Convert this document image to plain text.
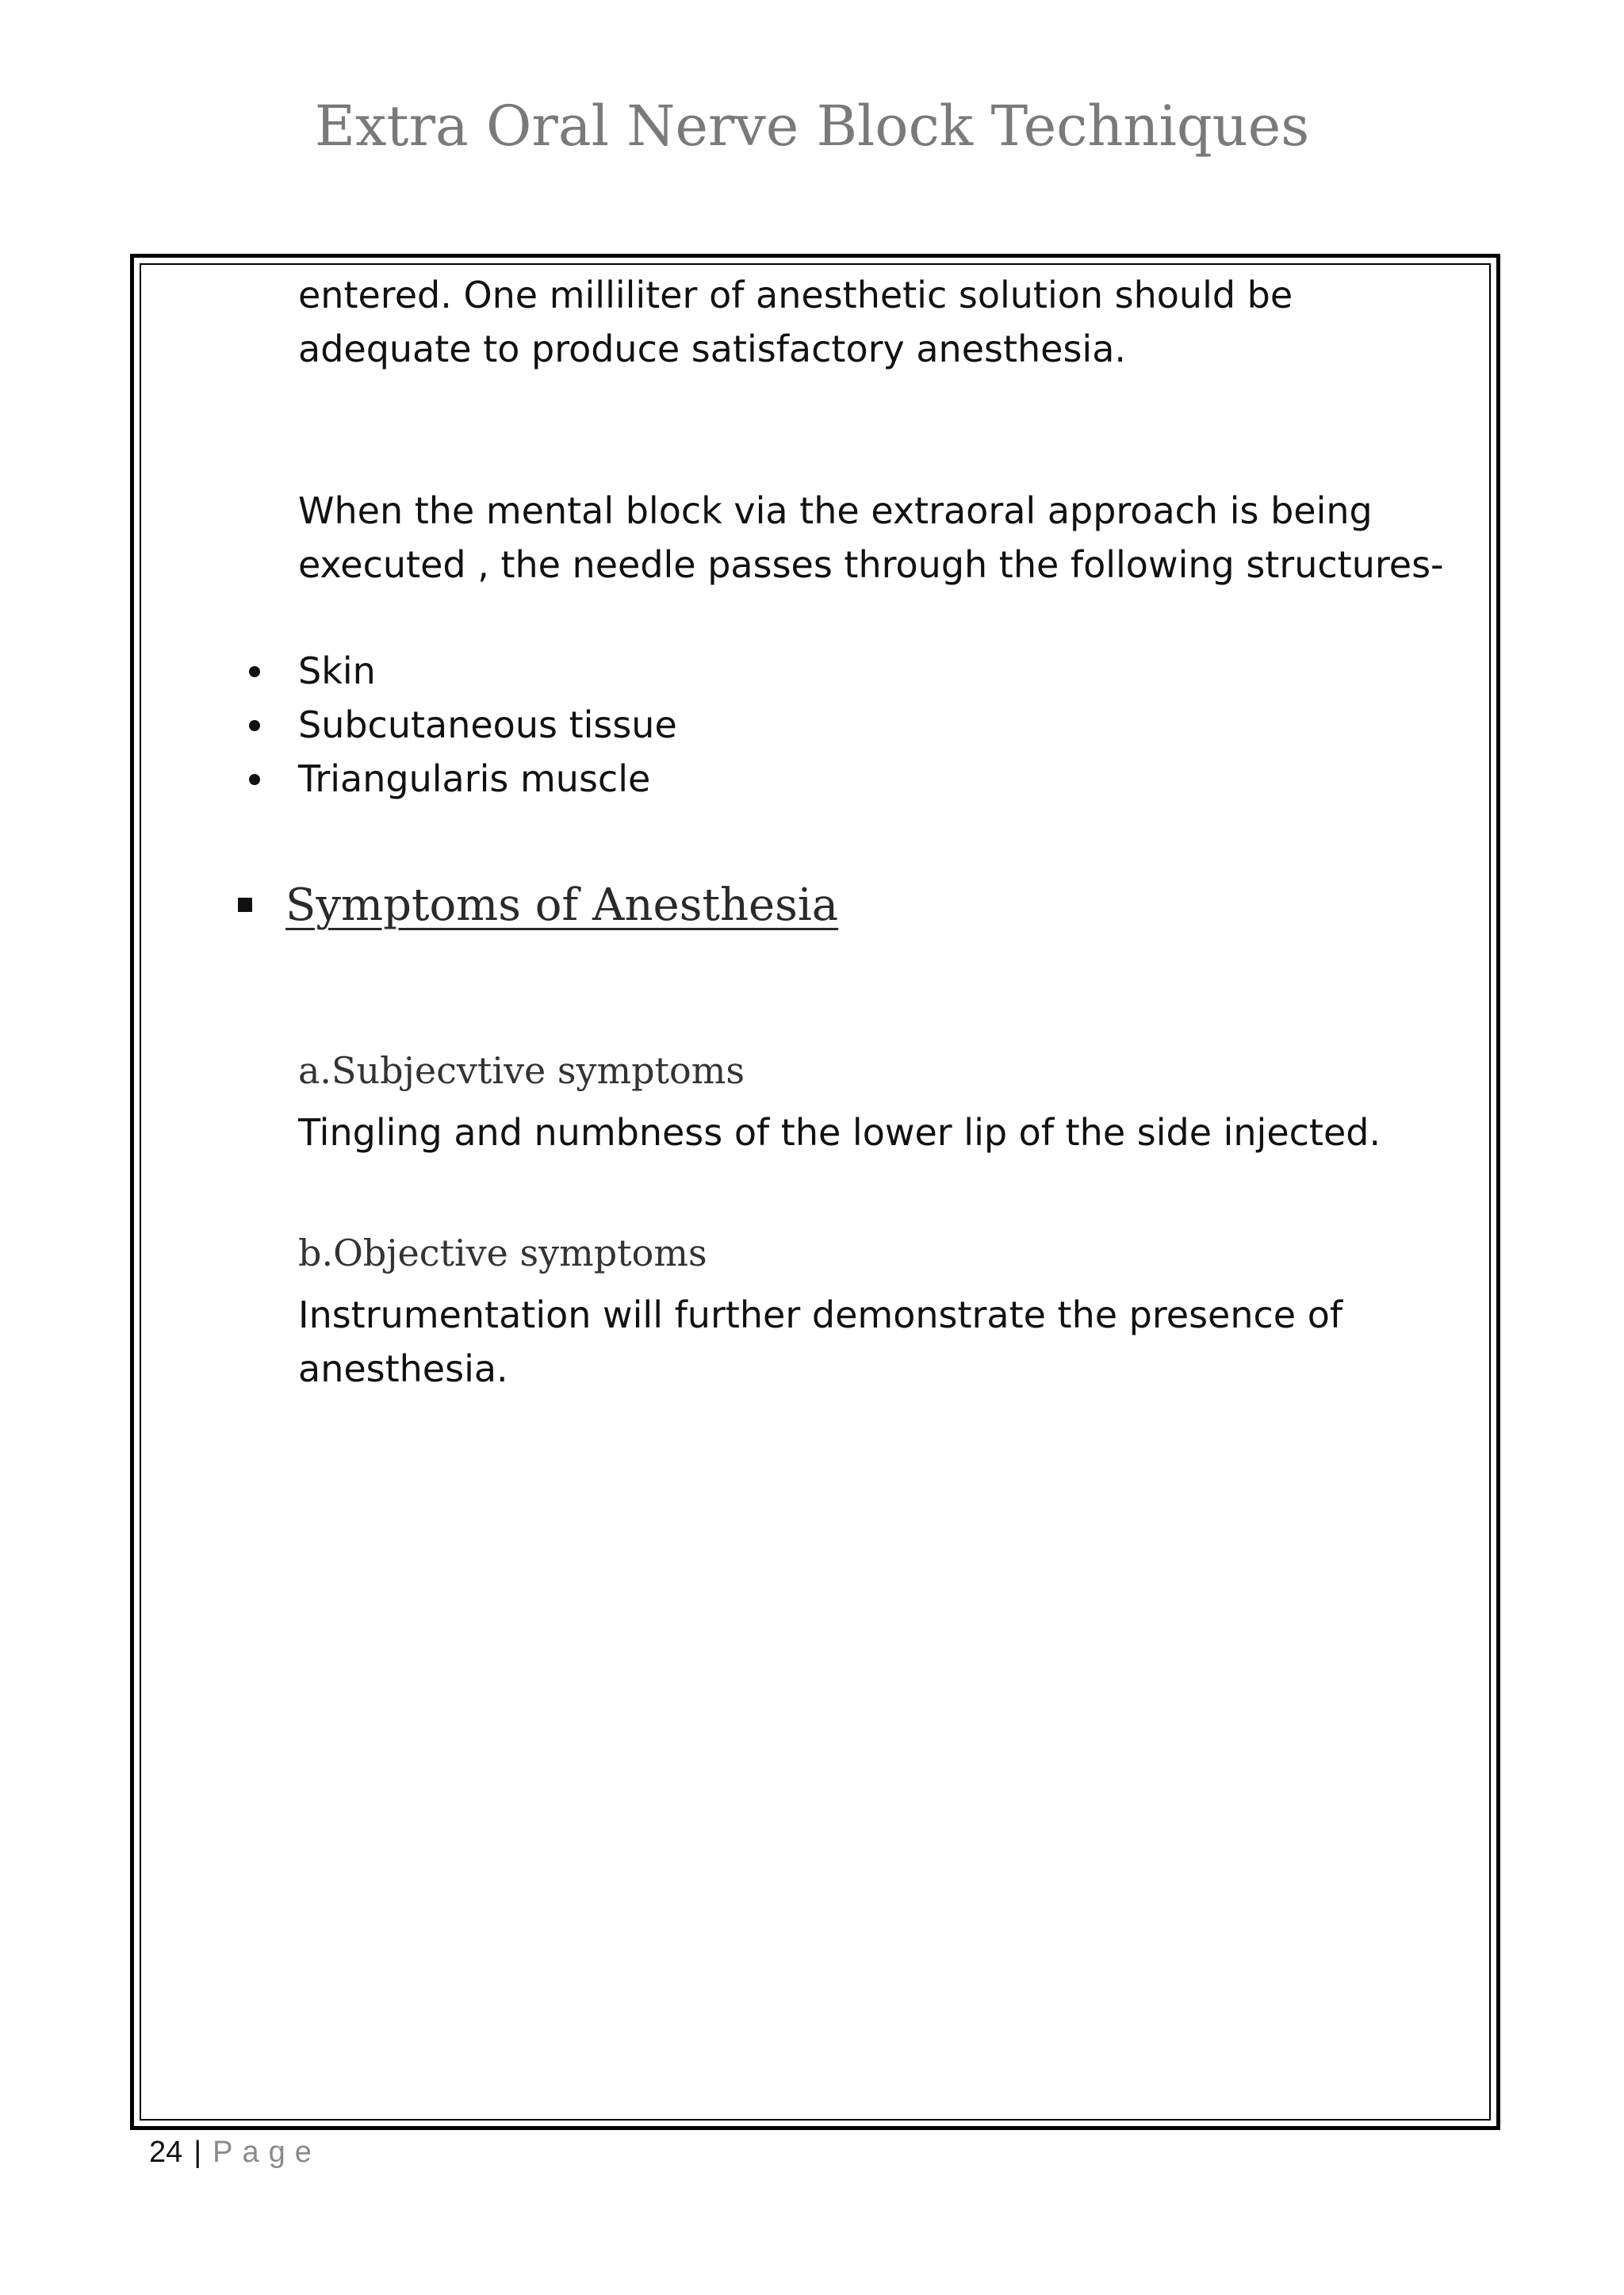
Extra Oral Nerve Block Techniques

entered. One milliliter of anesthetic solution should be adequate to produce satisfactory anesthesia.

When the mental block via the extraoral approach is being executed , the needle passes through the following structures-

Skin
Subcutaneous tissue
Triangularis muscle
Symptoms of Anesthesia
a.Subjecvtive symptoms

Tingling and numbness of the lower lip of the side injected.

b.Objective symptoms

Instrumentation will further demonstrate the presence of anesthesia.

24 | Page
